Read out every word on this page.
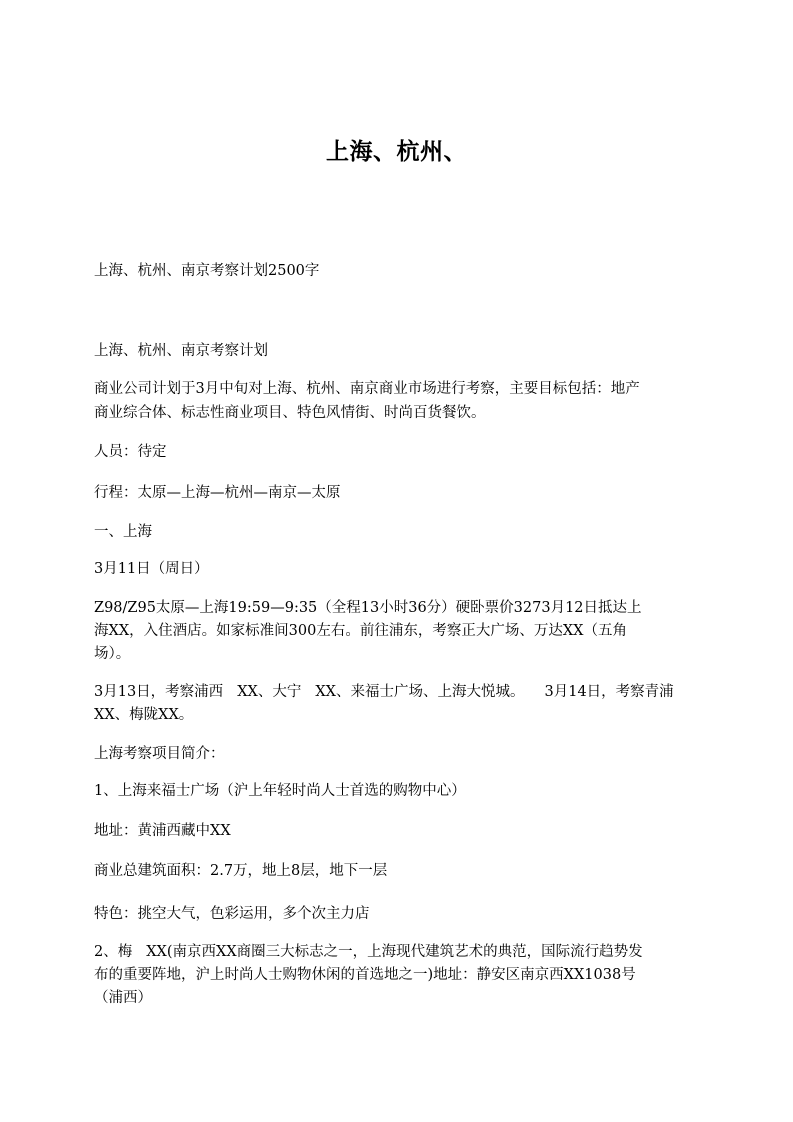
上海、杭州、

上海、杭州、南京考察计划2500字

上海、杭州、南京考察计划

商业公司计划于3月中旬对上海、杭州、南京商业市场进行考察，主要目标包括：地产
商业综合体、标志性商业项目、特色风情街、时尚百货餐饮。

人员：待定

行程：太原—上海—杭州—南京—太原

一、上海

3月11日（周日）

Z98/Z95太原—上海19:59—9:35（全程13小时36分）硬卧票价3273月12日抵达上
海XX，入住酒店。如家标准间300左右。前往浦东，考察正大广场、万达XX（五角
场）。
3月13日，考察浦西 XX、大宁 XX、来福士广场、上海大悦城。 3月14日，考察青浦
XX、梅陇XX。

上海考察项目简介：

1、上海来福士广场（沪上年轻时尚人士首选的购物中心）

地址：黄浦西藏中XX

商业总建筑面积：2.7万，地上8层，地下一层

特色：挑空大气，色彩运用，多个次主力店

2、梅 XX(南京西XX商圈三大标志之一，上海现代建筑艺术的典范，国际流行趋势发
布的重要阵地，沪上时尚人士购物休闲的首选地之一)地址：静安区南京西XX1038号
（浦西）
